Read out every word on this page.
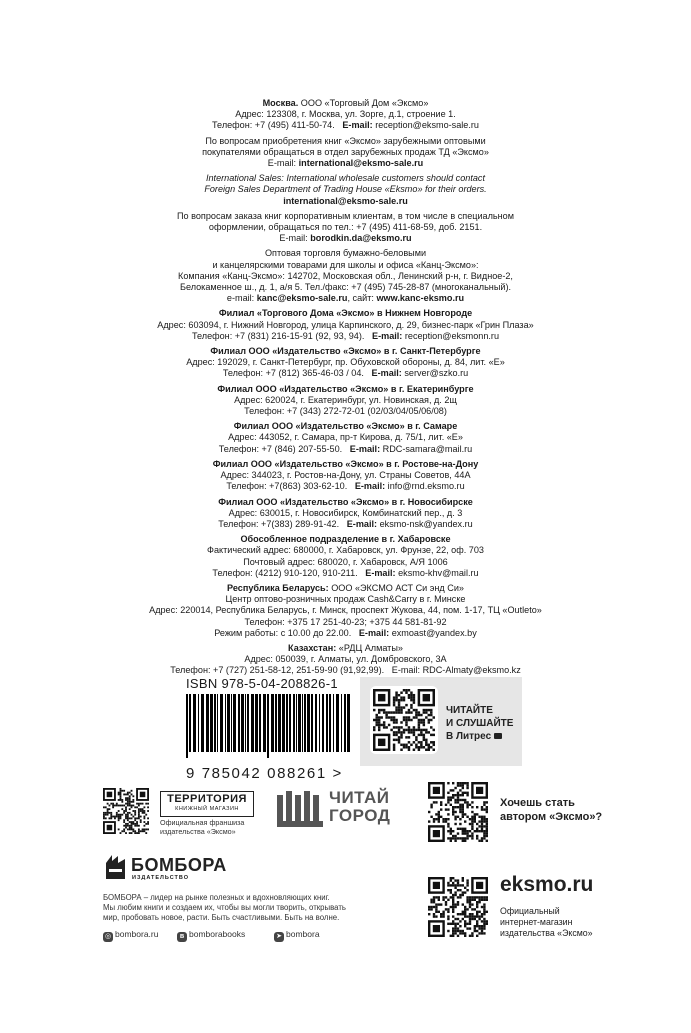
Москва. ООО «Торговый Дом «Эксмо»
Адрес: 123308, г. Москва, ул. Зорге, д.1, строение 1.
Телефон: +7 (495) 411-50-74. E-mail: reception@eksmo-sale.ru

По вопросам приобретения книг «Эксмо» зарубежными оптовыми
покупателями обращаться в отдел зарубежных продаж ТД «Эксмо»
E-mail: international@eksmo-sale.ru

International Sales: International wholesale customers should contact
Foreign Sales Department of Trading House «Eksmo» for their orders.
international@eksmo-sale.ru

По вопросам заказа книг корпоративным клиентам, в том числе в специальном
оформлении, обращаться по тел.: +7 (495) 411-68-59, доб. 2151.
E-mail: borodkin.da@eksmo.ru

Оптовая торговля бумажно-беловыми
и канцелярскими товарами для школы и офиса «Канц-Эксмо»:
Компания «Канц-Эксмо»: 142702, Московская обл., Ленинский р-н, г. Видное-2,
Белокаменное ш., д. 1, а/я 5. Тел./факс: +7 (495) 745-28-87 (многоканальный).
e-mail: kanc@eksmo-sale.ru, сайт: www.kanc-eksmo.ru

Филиал «Торгового Дома «Эксмо» в Нижнем Новгороде
Адрес: 603094, г. Нижний Новгород, улица Карпинского, д. 29, бизнес-парк «Грин Плаза»
Телефон: +7 (831) 216-15-91 (92, 93, 94). E-mail: reception@eksmonn.ru

Филиал ООО «Издательство «Эксмо» в г. Санкт-Петербурге
Адрес: 192029, г. Санкт-Петербург, пр. Обуховской обороны, д. 84, лит. «Е»
Телефон: +7 (812) 365-46-03 / 04. E-mail: server@szko.ru

Филиал ООО «Издательство «Эксмо» в г. Екатеринбурге
Адрес: 620024, г. Екатеринбург, ул. Новинская, д. 2щ
Телефон: +7 (343) 272-72-01 (02/03/04/05/06/08)

Филиал ООО «Издательство «Эксмо» в г. Самаре
Адрес: 443052, г. Самара, пр-т Кирова, д. 75/1, лит. «Е»
Телефон: +7 (846) 207-55-50. E-mail: RDC-samara@mail.ru

Филиал ООО «Издательство «Эксмо» в г. Ростове-на-Дону
Адрес: 344023, г. Ростов-на-Дону, ул. Страны Советов, 44А
Телефон: +7(863) 303-62-10. E-mail: info@rnd.eksmo.ru

Филиал ООО «Издательство «Эксмо» в г. Новосибирске
Адрес: 630015, г. Новосибирск, Комбинатский пер., д. 3
Телефон: +7(383) 289-91-42. E-mail: eksmo-nsk@yandex.ru

Обособленное подразделение в г. Хабаровске
Фактический адрес: 680000, г. Хабаровск, ул. Фрунзе, 22, оф. 703
Почтовый адрес: 680020, г. Хабаровск, А/Я 1006
Телефон: (4212) 910-120, 910-211. E-mail: eksmo-khv@mail.ru

Республика Беларусь: ООО «ЭКСМО АСТ Си энд Си»
Центр оптово-розничных продаж Cash&Carry в г. Минске
Адрес: 220014, Республика Беларусь, г. Минск, проспект Жукова, 44, пом. 1-17, ТЦ «Outleto»
Телефон: +375 17 251-40-23; +375 44 581-81-92
Режим работы: с 10.00 до 22.00. E-mail: exmoast@yandex.by

Казахстан: «РДЦ Алматы»
Адрес: 050039, г. Алматы, ул. Домбровского, 3А
Телефон: +7 (727) 251-58-12, 251-59-90 (91,92,99). E-mail: RDC-Almaty@eksmo.kz

ISBN 978-5-04-208826-1
9 785042 088261 >
ЧИТАЙТЕ
И СЛУШАЙТЕ
В Литрес
ТЕРРИТОРИЯ
КНИЖНЫЙ МАГАЗИН
Официальная франшиза
издательства «Эксмо»
ЧИТАЙ
ГОРОД
Хочешь стать
автором «Эксмо»?
БОМБОРА
ИЗДАТЕЛЬСТВО
БОМБОРА – лидер на рынке полезных и вдохновляющих книг.
Мы любим книги и создаем их, чтобы вы могли творить, открывать
мир, пробовать новое, расти. Быть счастливыми. Быть на волне.
◎ bombora.ru	в bomborabooks	➤ bombora
eksmo.ru
Официальный
интернет-магазин
издательства «Эксмо»
